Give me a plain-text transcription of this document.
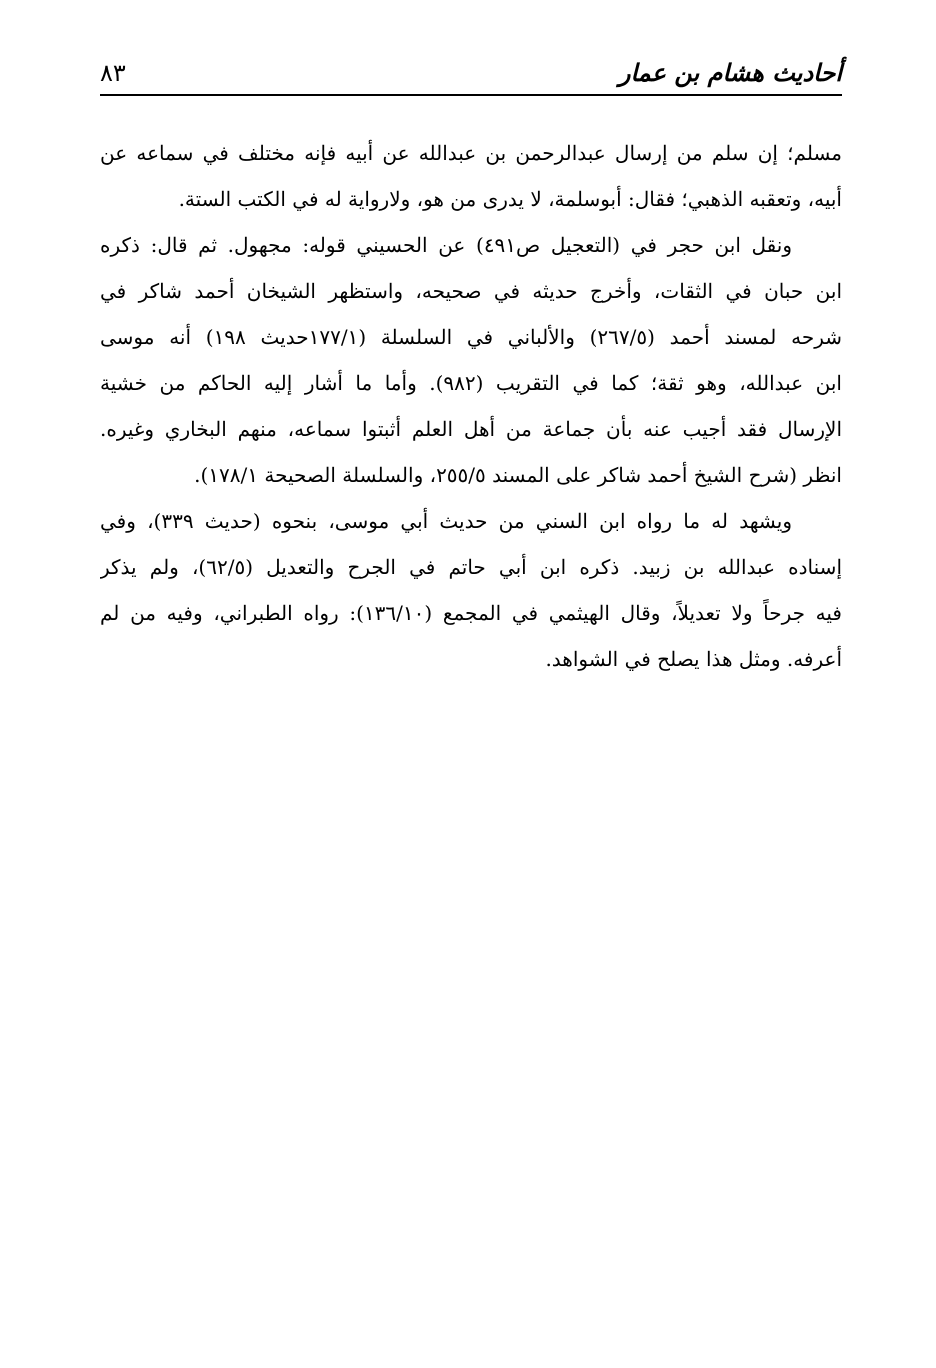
أحاديث هشام بن عمار
٨٣
مسلم؛ إن سلم من إرسال عبدالرحمن بن عبدالله عن أبيه فإنه مختلف في سماعه عن
أبيه، وتعقبه الذهبي؛ فقال: أبوسلمة، لا يدرى من هو، ولارواية له في الكتب الستة.
ونقل ابن حجر في (التعجيل ص٤٩١) عن الحسيني قوله: مجهول. ثم قال: ذكره
ابن حبان في الثقات، وأخرج حديثه في صحيحه، واستظهر الشيخان أحمد شاكر في
شرحه لمسند أحمد (٢٦٧/٥) والألباني في السلسلة (١٧٧/١حديث ١٩٨) أنه موسى
ابن عبدالله، وهو ثقة؛ كما في التقريب (٩٨٢). وأما ما أشار إليه الحاكم من خشية
الإرسال فقد أجيب عنه بأن جماعة من أهل العلم أثبتوا سماعه، منهم البخاري وغيره.
انظر (شرح الشيخ أحمد شاكر على المسند ٢٥٥/٥، والسلسلة الصحيحة ١٧٨/١).
ويشهد له ما رواه ابن السني من حديث أبي موسى، بنحوه (حديث ٣٣٩)، وفي
إسناده عبدالله بن زبيد. ذكره ابن أبي حاتم في الجرح والتعديل (٦٢/٥)، ولم يذكر
فيه جرحاً ولا تعديلاً، وقال الهيثمي في المجمع (١٣٦/١٠): رواه الطبراني، وفيه من لم
أعرفه. ومثل هذا يصلح في الشواهد.
